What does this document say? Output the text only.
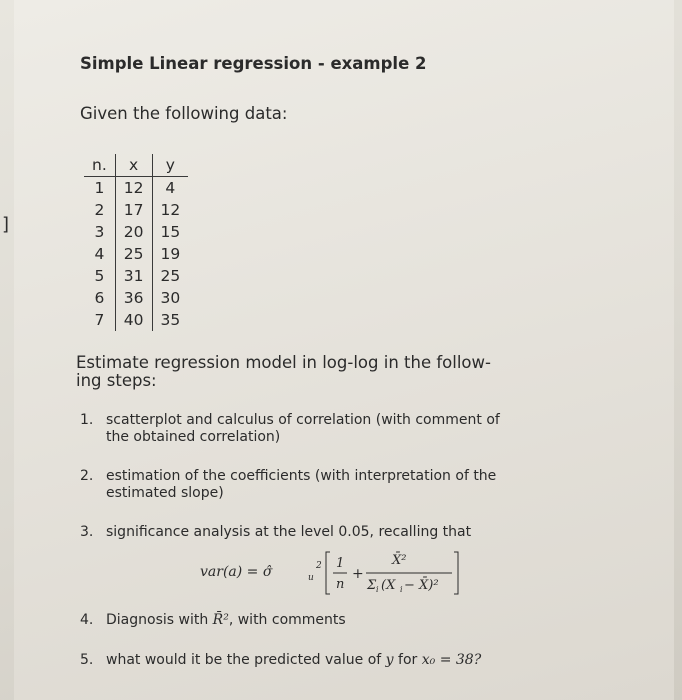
]
Simple Linear regression - example 2
Given the following data:
n.	x	y
1	12	4
2	17	12
3	20	15
4	25	19
5	31	25
6	36	30
7	40	35
Estimate regression model in log-log in the follow-
ing steps:
1. scatterplot and calculus of correlation (with comment of
the obtained correlation)
2. estimation of the coefficients (with interpretation of the
estimated slope)
3. significance analysis at the level 0.05, recalling that
var(a) = σ̂	u
2 1
n
+
X̄²
Σ i (X i − X̄)²
4. Diagnosis with R̄², with comments
5. what would it be the predicted value of y for x₀ = 38?
